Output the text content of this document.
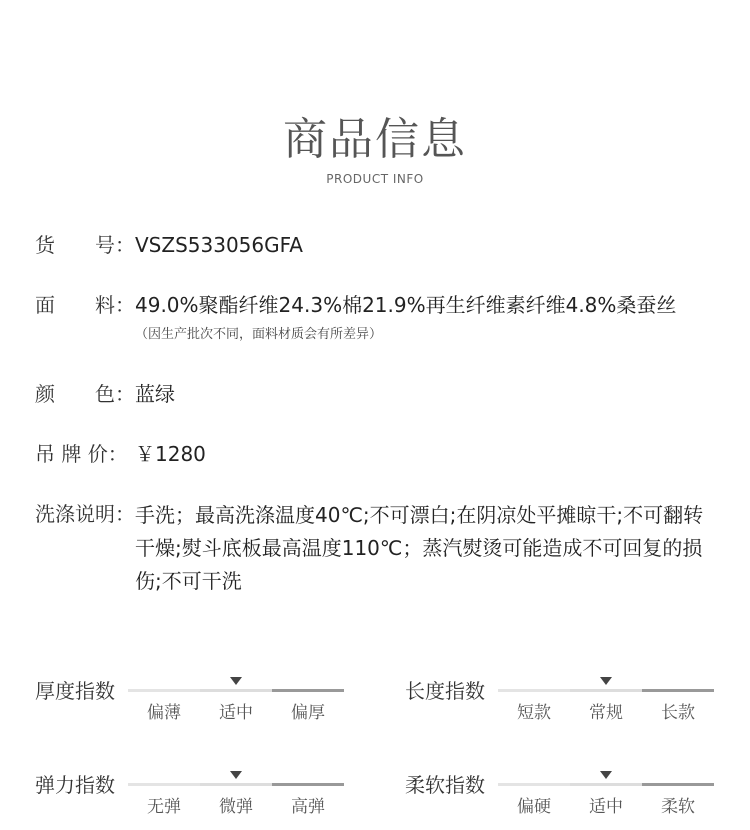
商品信息
PRODUCT INFO
货　　号： VSZS533056GFA
面　　料： 49.0%聚酯纤维24.3%棉21.9%再生纤维素纤维4.8%桑蚕丝
（因生产批次不同，面料材质会有所差异）
颜　　色： 蓝绿
吊 牌 价： ￥1280
洗涤说明： 手洗；最高洗涤温度40℃;不可漂白;在阴凉处平摊晾干;不可翻转干燥;熨斗底板最高温度110℃；蒸汽熨烫可能造成不可回复的损伤;不可干洗
厚度指数
偏薄	适中	偏厚
长度指数
短款	常规	长款
弹力指数
无弹	微弹	高弹
柔软指数
偏硬	适中	柔软
